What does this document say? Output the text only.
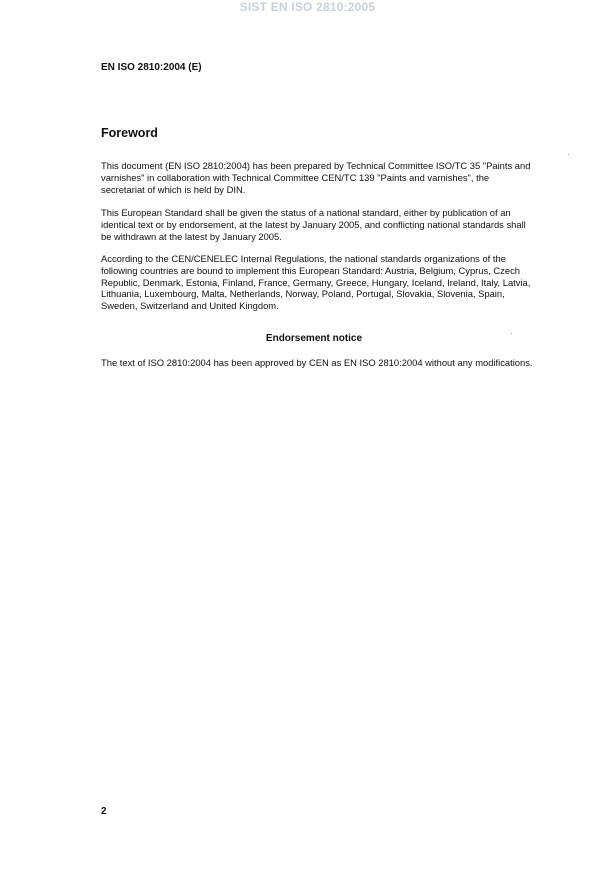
SIST EN ISO 2810:2005
EN ISO 2810:2004 (E)
Foreword

This document (EN ISO 2810:2004) has been prepared by Technical Committee ISO/TC 35 "Paints and varnishes" in collaboration with Technical Committee CEN/TC 139 "Paints and varnishes", the secretariat of which is held by DIN.

This European Standard shall be given the status of a national standard, either by publication of an identical text or by endorsement, at the latest by January 2005, and conflicting national standards shall be withdrawn at the latest by January 2005.

According to the CEN/CENELEC Internal Regulations, the national standards organizations of the following countries are bound to implement this European Standard: Austria, Belgium, Cyprus, Czech Republic, Denmark, Estonia, Finland, France, Germany, Greece, Hungary, Iceland, Ireland, Italy, Latvia, Lithuania, Luxembourg, Malta, Netherlands, Norway, Poland, Portugal, Slovakia, Slovenia, Spain, Sweden, Switzerland and United Kingdom.

Endorsement notice

The text of ISO 2810:2004 has been approved by CEN as EN ISO 2810:2004 without any modifications.

2
